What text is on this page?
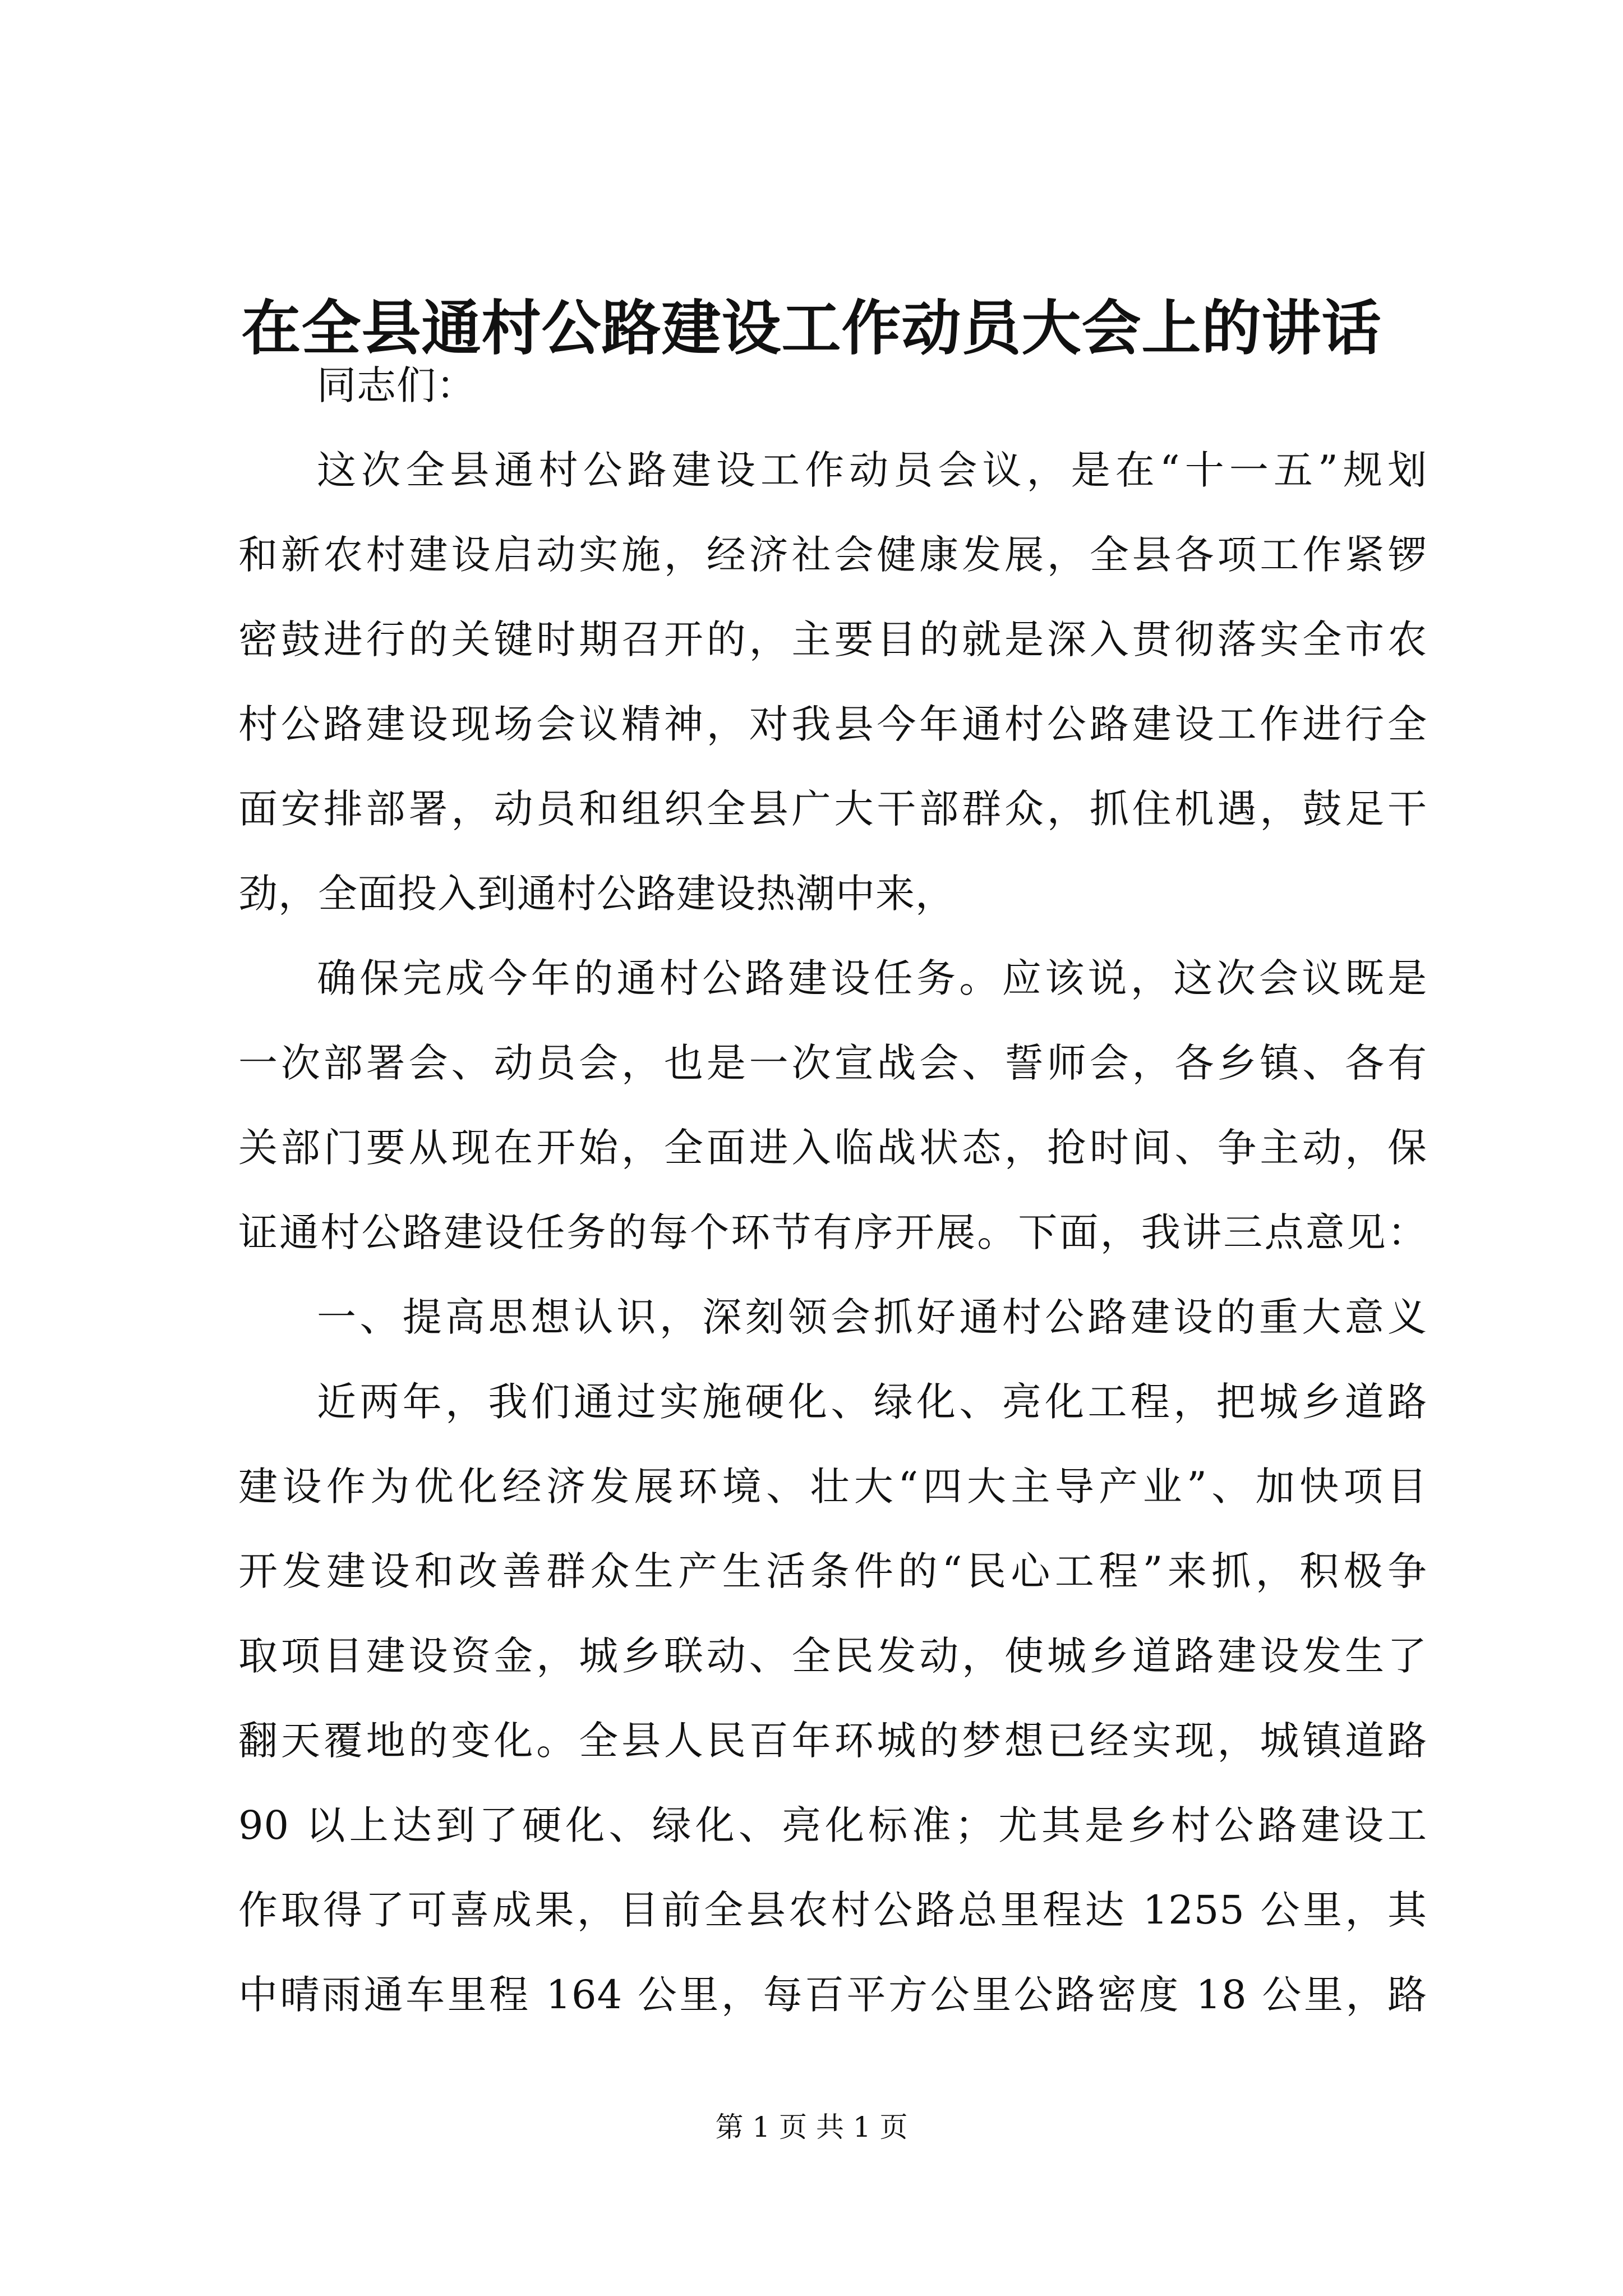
在全县通村公路建设工作动员大会上的讲话
同志们：
这次全县通村公路建设工作动员会议，是在“十一五”规划
和新农村建设启动实施，经济社会健康发展，全县各项工作紧锣
密鼓进行的关键时期召开的，主要目的就是深入贯彻落实全市农
村公路建设现场会议精神，对我县今年通村公路建设工作进行全
面安排部署，动员和组织全县广大干部群众，抓住机遇，鼓足干
劲，全面投入到通村公路建设热潮中来，
确保完成今年的通村公路建设任务。应该说，这次会议既是
一次部署会、动员会，也是一次宣战会、誓师会，各乡镇、各有
关部门要从现在开始，全面进入临战状态，抢时间、争主动，保
证通村公路建设任务的每个环节有序开展。下面，我讲三点意见：
一、提高思想认识，深刻领会抓好通村公路建设的重大意义
近两年，我们通过实施硬化、绿化、亮化工程，把城乡道路
建设作为优化经济发展环境、壮大“四大主导产业”、加快项目
开发建设和改善群众生产生活条件的“民心工程”来抓，积极争
取项目建设资金，城乡联动、全民发动，使城乡道路建设发生了
翻天覆地的变化。全县人民百年环城的梦想已经实现，城镇道路
90 以上达到了硬化、绿化、亮化标准；尤其是乡村公路建设工
作取得了可喜成果，目前全县农村公路总里程达 1255 公里，其
中晴雨通车里程 164 公里，每百平方公里公路密度 18 公里，路
第 1 页 共 1 页
